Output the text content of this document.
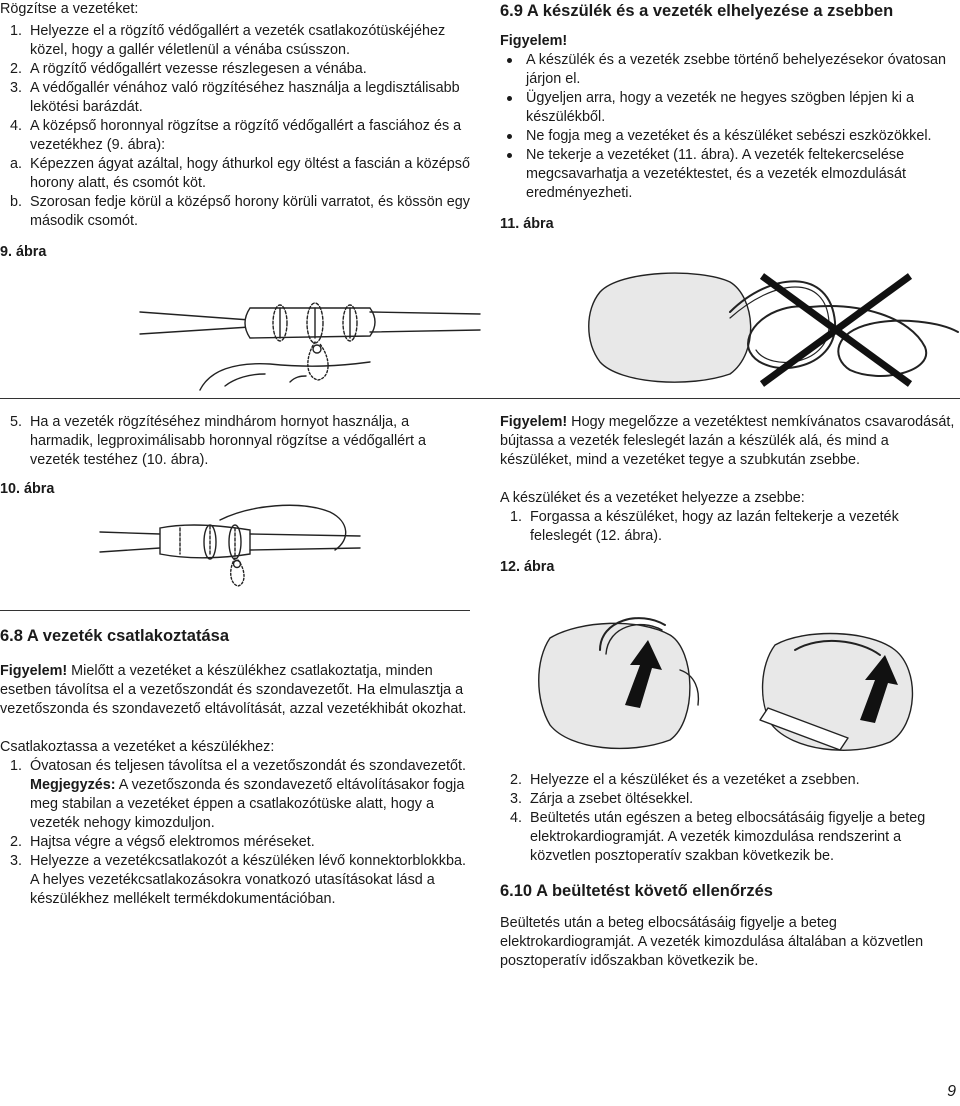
Rögzítse a vezetéket:

1. Helyezze el a rögzítő védőgallért a vezeték csatlakozótüskéjéhez közel, hogy a gallér véletlenül a vénába csússzon.
2. A rögzítő védőgallért vezesse részlegesen a vénába.
3. A védőgallér vénához való rögzítéséhez használja a legdisztálisabb lekötési barázdát.
4. A középső horonnyal rögzítse a rögzítő védőgallért a fasciához és a vezetékhez (9. ábra):
a. Képezzen ágyat azáltal, hogy áthurkol egy öltést a fascián a középső horony alatt, és csomót köt.
b. Szorosan fedje körül a középső horony körüli varratot, és kössön egy második csomót.

9. ábra

6.9 A készülék és a vezeték elhelyezése a zsebben

Figyelem!

A készülék és a vezeték zsebbe történő behelyezésekor óvatosan járjon el.
Ügyeljen arra, hogy a vezeték ne hegyes szögben lépjen ki a készülékből.
Ne fogja meg a vezetéket és a készüléket sebészi eszközökkel.
Ne tekerje a vezetéket (11. ábra). A vezeték feltekercselése megcsavarhatja a vezetéktestet, és a vezeték elmozdulását eredményezheti.

11. ábra

5. Ha a vezeték rögzítéséhez mindhárom hornyot használja, a harmadik, legproximálisabb horonnyal rögzítse a védőgallért a vezeték testéhez (10. ábra).

10. ábra

Figyelem! Hogy megelőzze a vezetéktest nemkívánatos csavarodását, bújtassa a vezeték feleslegét lazán a készülék alá, és mind a készüléket, mind a vezetéket tegye a szubkután zsebbe.

A készüléket és a vezetéket helyezze a zsebbe:

1. Forgassa a készüléket, hogy az lazán feltekerje a vezeték feleslegét (12. ábra).

12. ábra

6.8 A vezeték csatlakoztatása

Figyelem! Mielőtt a vezetéket a készülékhez csatlakoztatja, minden esetben távolítsa el a vezetőszondát és szondavezetőt. Ha elmulasztja a vezetőszonda és szondavezető eltávolítását, azzal vezetékhibát okozhat.

Csatlakoztassa a vezetéket a készülékhez:

1. Óvatosan és teljesen távolítsa el a vezetőszondát és szondavezetőt.
Megjegyzés: A vezetőszonda és szondavezető eltávolításakor fogja meg stabilan a vezetéket éppen a csatlakozótüske alatt, hogy a vezeték nehogy kimozduljon.
2. Hajtsa végre a végső elektromos méréseket.
3. Helyezze a vezetékcsatlakozót a készüléken lévő konnektorblokkba. A helyes vezetékcsatlakozásokra vonatkozó utasításokat lásd a készülékhez mellékelt termékdokumentációban.
2. Helyezze el a készüléket és a vezetéket a zsebben.
3. Zárja a zsebet öltésekkel.
4. Beültetés után egészen a beteg elbocsátásáig figyelje a beteg elektrokardiogramját. A vezeték kimozdulása rendszerint a közvetlen posztoperatív szakban következik be.
6.10 A beültetést követő ellenőrzés

Beültetés után a beteg elbocsátásáig figyelje a beteg elektrokardiogramját. A vezeték kimozdulása általában a közvetlen posztoperatív időszakban következik be.

9
